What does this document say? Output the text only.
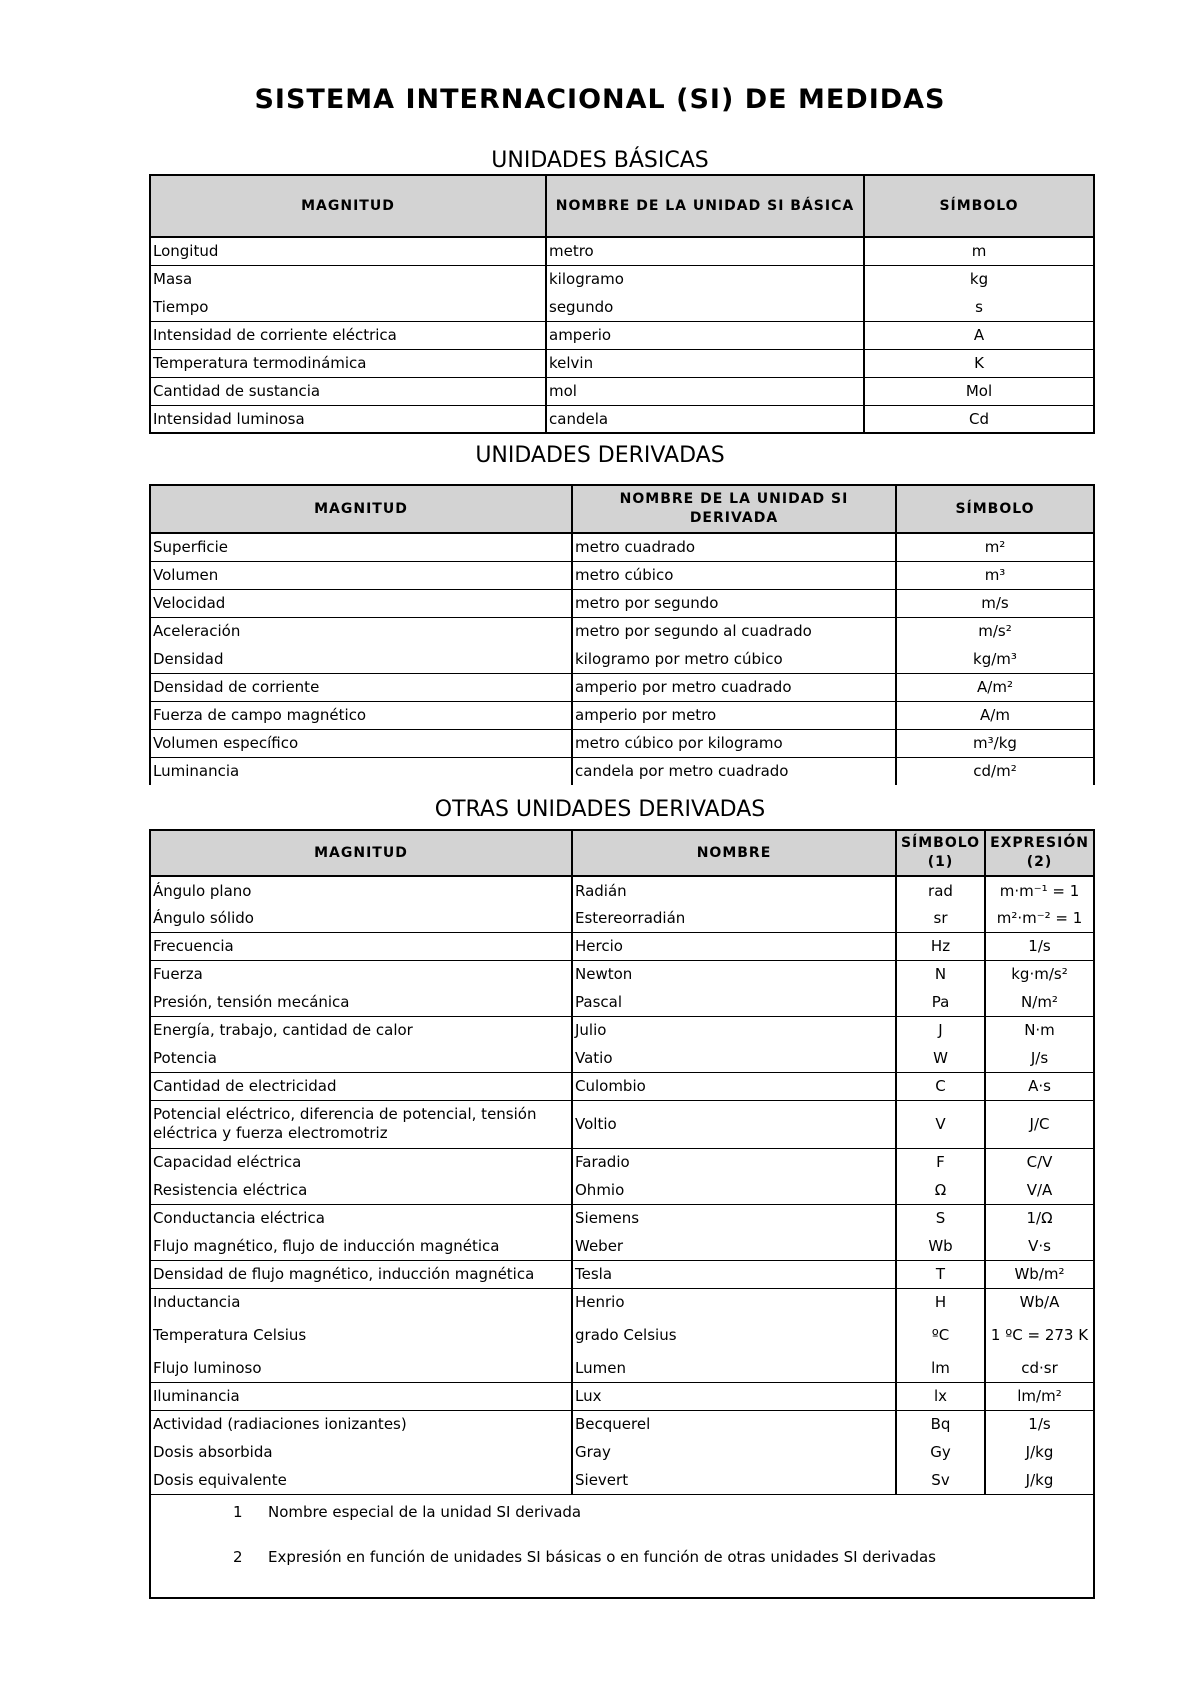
SISTEMA INTERNACIONAL (SI) DE MEDIDAS
UNIDADES BÁSICAS
MAGNITUD	NOMBRE DE LA UNIDAD SI BÁSICA	SÍMBOLO
Longitud	metro	m
Masa	kilogramo	kg
Tiempo	segundo	s
Intensidad de corriente eléctrica	amperio	A
Temperatura termodinámica	kelvin	K
Cantidad de sustancia	mol	Mol
Intensidad luminosa	candela	Cd
UNIDADES DERIVADAS
MAGNITUD	NOMBRE DE LA UNIDAD SI DERIVADA	SÍMBOLO
Superficie	metro cuadrado	m²
Volumen	metro cúbico	m³
Velocidad	metro por segundo	m/s
Aceleración	metro por segundo al cuadrado	m/s²
Densidad	kilogramo por metro cúbico	kg/m³
Densidad de corriente	amperio por metro cuadrado	A/m²
Fuerza de campo magnético	amperio por metro	A/m
Volumen específico	metro cúbico por kilogramo	m³/kg
Luminancia	candela por metro cuadrado	cd/m²
OTRAS UNIDADES DERIVADAS
MAGNITUD	NOMBRE	SÍMBOLO (1)	EXPRESIÓN (2)
Ángulo plano	Radián	rad	m·m⁻¹ = 1
Ángulo sólido	Estereorradián	sr	m²·m⁻² = 1
Frecuencia	Hercio	Hz	1/s
Fuerza	Newton	N	kg·m/s²
Presión, tensión mecánica	Pascal	Pa	N/m²
Energía, trabajo, cantidad de calor	Julio	J	N·m
Potencia	Vatio	W	J/s
Cantidad de electricidad	Culombio	C	A·s
Potencial eléctrico, diferencia de potencial, tensión eléctrica y fuerza electromotriz	Voltio	V	J/C
Capacidad eléctrica	Faradio	F	C/V
Resistencia eléctrica	Ohmio	Ω	V/A
Conductancia eléctrica	Siemens	S	1/Ω
Flujo magnético, flujo de inducción magnética	Weber	Wb	V·s
Densidad de flujo magnético, inducción magnética	Tesla	T	Wb/m²
Inductancia	Henrio	H	Wb/A
Temperatura Celsius	grado Celsius	ºC	1 ºC = 273 K
Flujo luminoso	Lumen	lm	cd·sr
Iluminancia	Lux	lx	lm/m²
Actividad (radiaciones ionizantes)	Becquerel	Bq	1/s
Dosis absorbida	Gray	Gy	J/kg
Dosis equivalente	Sievert	Sv	J/kg

1 Nombre especial de la unidad SI derivada
2 Expresión en función de unidades SI básicas o en función de otras unidades SI derivadas			
